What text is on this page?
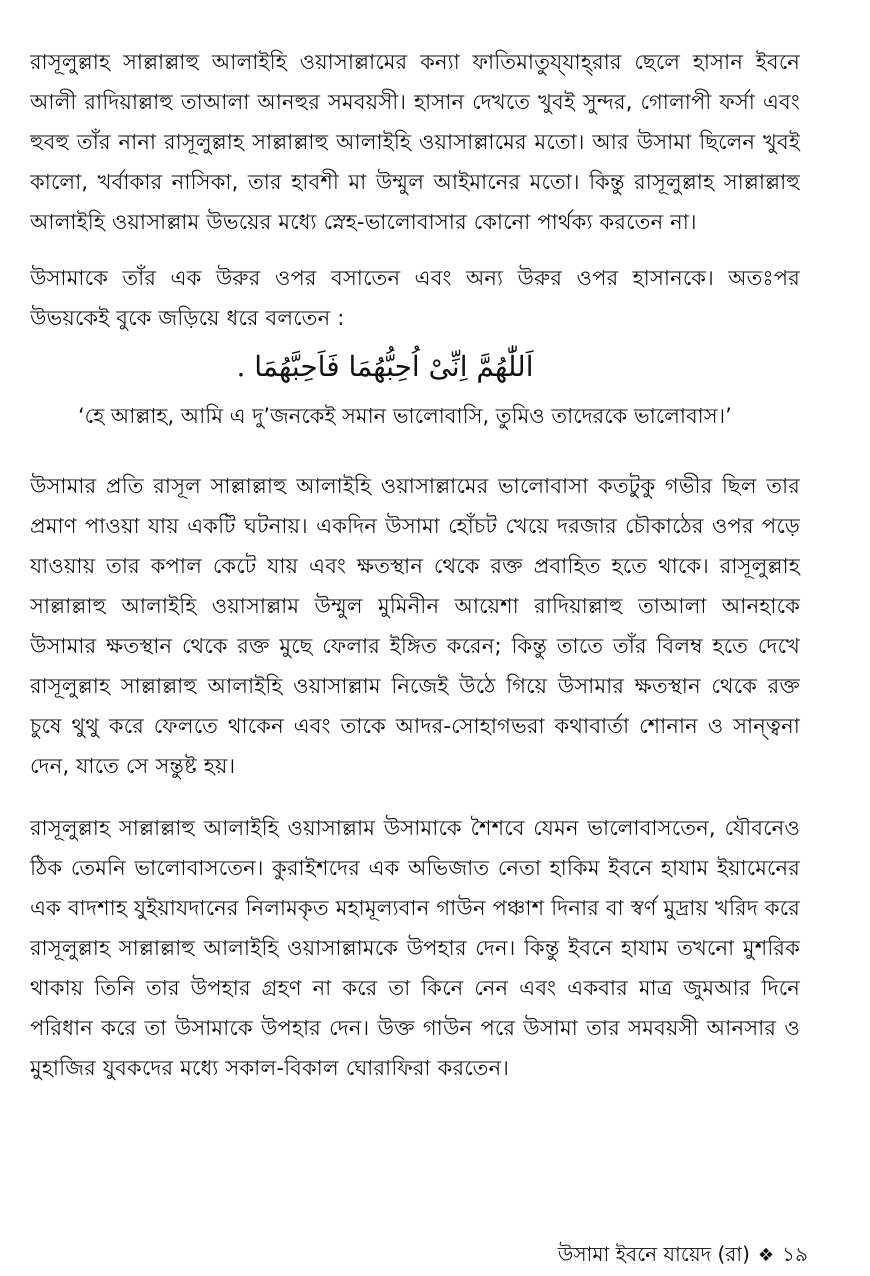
রাসূলুল্লাহ সাল্লাল্লাহু আলাইহি ওয়াসাল্লামের কন্যা ফাতিমাতুয্‌যাহ্‌রার ছেলে হাসান ইবনে আলী রাদিয়াল্লাহু তাআলা আনহুর সমবয়সী। হাসান দেখতে খুবই সুন্দর, গোলাপী ফর্সা এবং হুবহু তাঁর নানা রাসূলুল্লাহ সাল্লাল্লাহু আলাইহি ওয়াসাল্লামের মতো। আর উসামা ছিলেন খুবই কালো, খর্বাকার নাসিকা, তার হাবশী মা উম্মুল আইমানের মতো। কিন্তু রাসূলুল্লাহ সাল্লাল্লাহু আলাইহি ওয়াসাল্লাম উভয়ের মধ্যে স্নেহ-ভালোবাসার কোনো পার্থক্য করতেন না।

উসামাকে তাঁর এক উরুর ওপর বসাতেন এবং অন্য উরুর ওপর হাসানকে। অতঃপর উভয়কেই বুকে জড়িয়ে ধরে বলতেন :

اَللّٰهُمَّ اِنِّىْ اُحِبُّهُمَا فَاَحِبَّهُمَا .

‘হে আল্লাহ, আমি এ দু’জনকেই সমান ভালোবাসি, তুমিও তাদেরকে ভালোবাস।’

উসামার প্রতি রাসূল সাল্লাল্লাহু আলাইহি ওয়াসাল্লামের ভালোবাসা কতটুকু গভীর ছিল তার প্রমাণ পাওয়া যায় একটি ঘটনায়। একদিন উসামা হোঁচট খেয়ে দরজার চৌকাঠের ওপর পড়ে যাওয়ায় তার কপাল কেটে যায় এবং ক্ষতস্থান থেকে রক্ত প্রবাহিত হতে থাকে। রাসূলুল্লাহ সাল্লাল্লাহু আলাইহি ওয়াসাল্লাম উম্মুল মুমিনীন আয়েশা রাদিয়াল্লাহু তাআলা আনহাকে উসামার ক্ষতস্থান থেকে রক্ত মুছে ফেলার ইঙ্গিত করেন; কিন্তু তাতে তাঁর বিলম্ব হতে দেখে রাসূলুল্লাহ সাল্লাল্লাহু আলাইহি ওয়াসাল্লাম নিজেই উঠে গিয়ে উসামার ক্ষতস্থান থেকে রক্ত চুষে থুথু করে ফেলতে থাকেন এবং তাকে আদর-সোহাগভরা কথাবার্তা শোনান ও সান্ত্বনা দেন, যাতে সে সন্তুষ্ট হয়।

রাসূলুল্লাহ সাল্লাল্লাহু আলাইহি ওয়াসাল্লাম উসামাকে শৈশবে যেমন ভালোবাসতেন, যৌবনেও ঠিক তেমনি ভালোবাসতেন। কুরাইশদের এক অভিজাত নেতা হাকিম ইবনে হাযাম ইয়ামেনের এক বাদশাহ যুইয়াযদানের নিলামকৃত মহামূল্যবান গাউন পঞ্চাশ দিনার বা স্বর্ণ মুদ্রায় খরিদ করে রাসূলুল্লাহ সাল্লাল্লাহু আলাইহি ওয়াসাল্লামকে উপহার দেন। কিন্তু ইবনে হাযাম তখনো মুশরিক থাকায় তিনি তার উপহার গ্রহণ না করে তা কিনে নেন এবং একবার মাত্র জুমআর দিনে পরিধান করে তা উসামাকে উপহার দেন। উক্ত গাউন পরে উসামা তার সমবয়সী আনসার ও মুহাজির যুবকদের মধ্যে সকাল-বিকাল ঘোরাফিরা করতেন।

উসামা ইবনে যায়েদ (রা) ❖ ১৯
